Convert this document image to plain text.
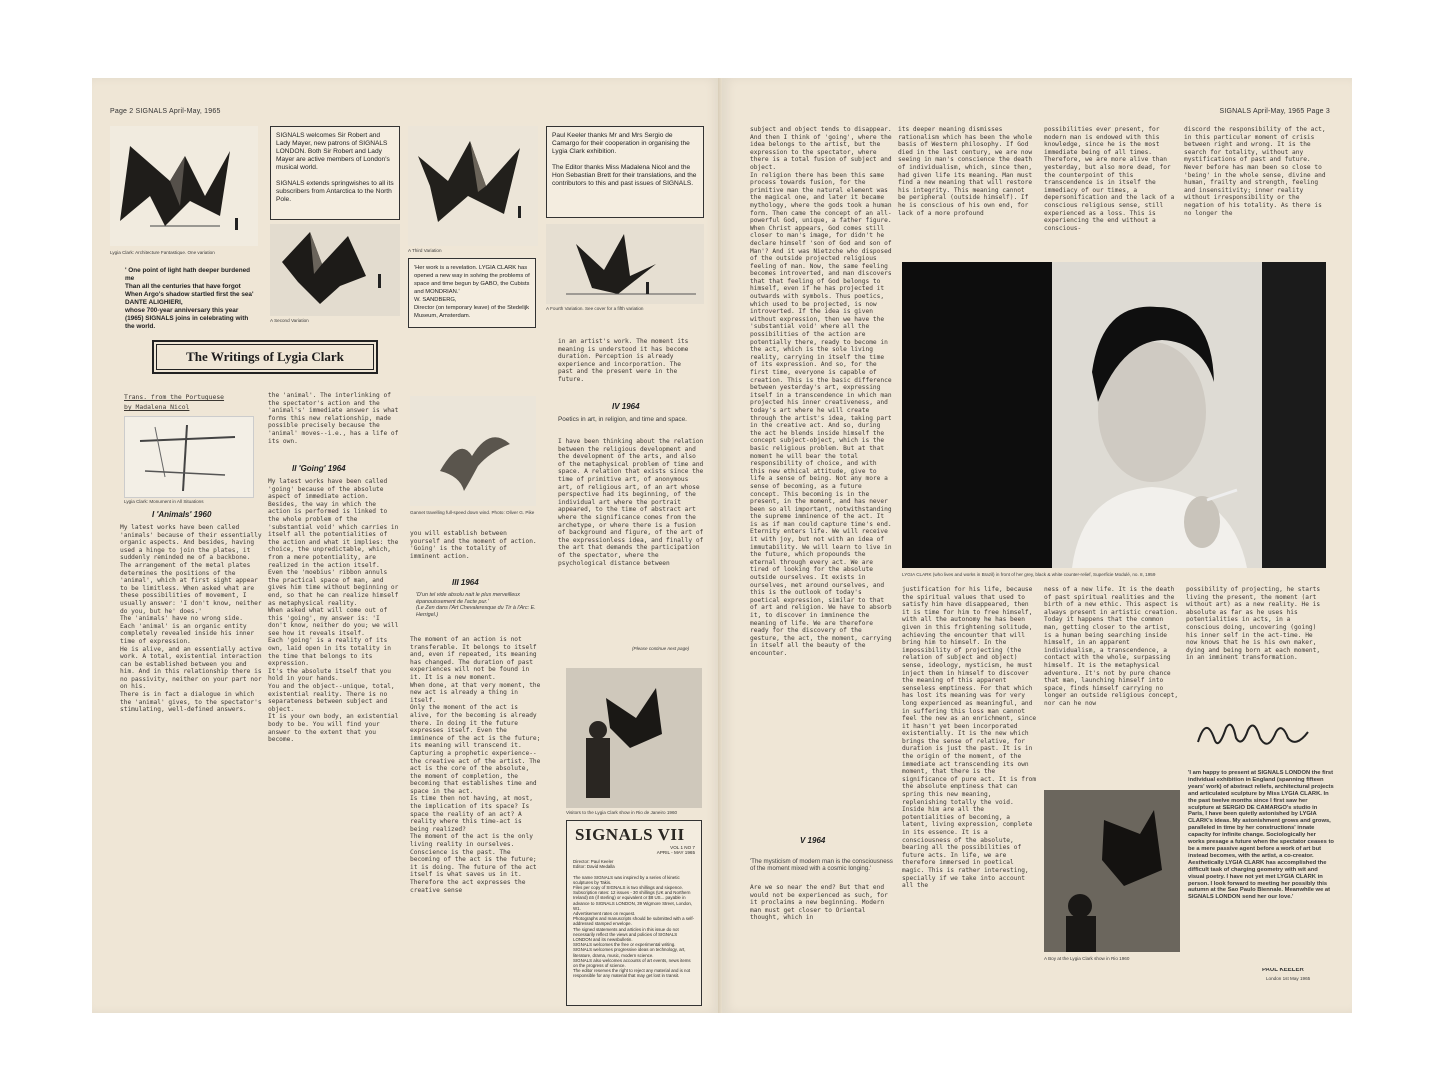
Page 2 SIGNALS April-May, 1965
Lygia Clark: Architecture Fantastique. One variation
SIGNALS welcomes Sir Robert and Lady Mayer, new patrons of SIGNALS LONDON. Both Sir Robert and Lady Mayer are active members of London's musical world.

SIGNALS extends springwishes to all its subscribers from Antarctica to the North Pole.
' One point of light hath deeper burdened me
Than all the centuries that have forgot
When Argo's shadow startled first the sea'
DANTE ALIGHIERI,
whose 700-year anniversary this year (1965) SIGNALS joins in celebrating with the world.
A Second Variation
A Third Variation
'Her work is a revelation. LYGIA CLARK has opened a new way in solving the problems of space and time begun by GABO, the Cubists and MONDRIAN.'
W. SANDBERG,
Director (on temporary leave) of the Stedelijk Museum, Amsterdam.
Paul Keeler thanks Mr and Mrs Sergio de Camargo for their cooperation in organising the Lygia Clark exhibition.

The Editor thanks Miss Madalena Nicol and the Hon Sebastian Brett for their translations, and the contributors to this and past issues of SIGNALS.
A Fourth Variation. See cover for a fifth variation
The Writings of Lygia Clark
Trans. from the Portuguese
by Madalena Nicol
Lygia Clark: Monument in All Situations
I 'Animals' 1960
My latest works have been called 'animals' because of their essentially organic aspects. And besides, having used a hinge to join the plates, it suddenly reminded me of a backbone.
The arrangement of the metal plates determines the positions of the 'animal', which at first sight appear to be limitless. When asked what are these possibilities of movement, I usually answer: 'I don't know, neither do you, but he' does.'
The 'animals' have no wrong side.
Each 'animal' is an organic entity completely revealed inside his inner time of expression.
He is alive, and an essentially active work. A total, existential interaction can be established between you and him. And in this relationship there is no passivity, neither on your part nor on his.
There is in fact a dialogue in which the 'animal' gives, to the spectator's stimulating, well-defined answers.
the 'animal'. The interlinking of the spectator's action and the 'animal's' immediate answer is what forms this new relationship, made possible precisely because the 'animal' moves--i.e., has a life of its own.
II 'Going' 1964
My latest works have been called 'going' because of the absolute aspect of immediate action. Besides, the way in which the action is performed is linked to the whole problem of the 'substantial void' which carries in itself all the potentialities of the action and what it implies: the choice, the unpredictable, which, from a mere potentiality, are realized in the action itself.
Even the 'moebius' ribbon annuls the practical space of man, and gives him time without beginning or end, so that he can realize himself as metaphysical reality.
When asked what will come out of this 'going', my answer is: 'I don't know, neither do you; we will see how it reveals itself.
Each 'going' is a reality of its own, laid open in its totality in the time that belongs to its expression.
It's the absolute itself that you hold in your hands.
You and the object--unique, total, existential reality. There is no separateness between subject and object.
It is your own body, an existential body to be. You will find your answer to the extent that you become.
Gannet travelling full-speed down wind. Photo: Oliver G. Pike
you will establish between yourself and the moment of action.
'Going' is the totality of imminent action.
III 1964
'D'un tel vide absolu nait le plus merveilleux épanouissement de l'acte pur.'
(Le Zen dans l'Art Chevaleresque du Tir à l'Arc: E. Herrigel.)
The moment of an action is not transferable. It belongs to itself and, even if repeated, its meaning has changed. The duration of past experiences will not be found in it. It is a new moment.
When done, at that very moment, the new act is already a thing in itself.
Only the moment of the act is alive, for the becoming is already there. In doing it the future expresses itself. Even the imminence of the act is the future; its meaning will transcend it.
Capturing a prophetic experience--the creative act of the artist. The act is the core of the absolute, the moment of completion, the becoming that establishes time and space in the act.
Is time then not having, at most, the implication of its space? Is space the reality of an act? A reality where this time-act is being realized?
The moment of the act is the only living reality in ourselves. Conscience is the past. The becoming of the act is the future; it is doing. The future of the act itself is what saves us in it. Therefore the act expresses the creative sense
in an artist's work. The moment its meaning is understood it has become duration. Perception is already experience and incorporation. The past and the present were in the future.
IV 1964
Poetics in art, in religion, and time and space.
I have been thinking about the relation between the religious development and the development of the arts, and also of the metaphysical problem of time and space. A relation that exists since the time of primitive art, of anonymous art, of religious art, of an art whose perspective had its beginning, of the individual art where the portrait appeared, to the time of abstract art where the significance comes from the archetype, or where there is a fusion of background and figure, of the art of the expressionless idea, and finally of the art that demands the participation of the spectator, where the psychological distance between
(Please continue next page)
Visitors to the Lygia Clark show in Rio de Janeiro 1960
SIGNALS VII
VOL 1 NO 7
APRIL - MAY 1965
Director: Paul Keeler
Editor: David Medalla

The name SIGNALS was inspired by a series of kinetic sculptures by Takis.
Files per copy of SIGNALS is two shillings and sixpence.
Subscription rates: 12 issues - 30 shillings (UK and Northern Ireland) £6 (if sterling) or equivalent or $8 US... payable in advance to SIGNALS LONDON, 39 Wigmore Street, London, W1.
Advertisement rates on request.
Photographs and manuscripts should be submitted with a self-addressed stamped envelope.
The signed statements and articles in this issue do not necessarily reflect the views and policies of SIGNALS LONDON and its newsbulletin.
SIGNALS welcomes the free or experimental writing.
SIGNALS welcomes progressive ideas on technology, art, literature, drama, music, modern science.
SIGNALS also welcomes accounts of art events, news items on the progress of science.
The editor reserves the right to reject any material and is not responsible for any material that may get lost in transit.
SIGNALS April-May, 1965 Page 3
its deeper meaning dismisses rationalism which has been the whole basis of Western philosophy. If God died in the last century, we are now seeing in man's conscience the death of individualism, which, since then, had given life its meaning. Man must find a new meaning that will restore his integrity. This meaning cannot be peripheral (outside himself). If he is conscious of his own end, for lack of a more profound
possibilities ever present, for modern man is endowed with this knowledge, since he is the most immediate being of all times. Therefore, we are more alive than yesterday, but also more dead, for the counterpoint of this transcendence is in itself the immediacy of our times, a depersonification and the lack of a conscious religious sense, still experienced as a loss. This is experiencing the end without a conscious-
discord the responsibility of the act, in this particular moment of crisis between right and wrong. It is the search for totality, without any mystifications of past and future. Never before has man been so close to 'being' in the whole sense, divine and human, frailty and strength, feeling and insensitivity; inner reality without irresponsibility or the negation of his totality. As there is no longer the
LYGIA CLARK (who lives and works in Brazil) in front of her grey, black & white counter-relief, Superficie Modulé, no. 8, 1959
subject and object tends to disappear. And then I think of 'going', where the idea belongs to the artist, but the expression to the spectator, where there is a total fusion of subject and object.
In religion there has been this same process towards fusion, for the primitive man the natural element was the magical one, and later it became mythology, where the gods took a human form. Then came the concept of an all-powerful God, unique, a father figure. When Christ appears, God comes still closer to man's image, for didn't he declare himself 'son of God and son of Man'? And it was Nietzche who disposed of the outside projected religious feeling of man. Now, the same feeling becomes introverted, and man discovers that that feeling of God belongs to himself, even if he has projected it outwards with symbols. Thus poetics, which used to be projected, is now introverted. If the idea is given without expression, then we have the 'substantial void' where all the possibilities of the action are potentially there, ready to become in the act, which is the sole living reality, carrying in itself the time of its expression. And so, for the first time, everyone is capable of creation. This is the basic difference between yesterday's art, expressing itself in a transcendence in which man projected his inner creativeness, and today's art where he will create through the artist's idea, taking part in the creative act. And so, during the act he blends inside himself the concept subject-object, which is the basic religious problem. But at that moment he will bear the total responsibility of choice, and with this new ethical attitude, give to life a sense of being. Not any more a sense of becoming, as a future concept. This becoming is in the present, in the moment, and has never been so all important, notwithstanding the supreme imminence of the act. It is as if man could capture time's end. Eternity enters life. We will receive it with joy, but not with an idea of immutability. We will learn to live in the future, which propounds the eternal through every act. We are tired of looking for the absolute outside ourselves. It exists in ourselves, met around ourselves, and this is the outlook of today's poetical expression, similar to that of art and religion. We have to absorb it, to discover in imminence the meaning of life. We are therefore ready for the discovery of the gesture, the act, the moment, carrying in itself all the beauty of the encounter.
V 1964
'The mysticism of modern man is the consciousness of the moment mixed with a cosmic longing.'
Are we so near the end? But that end would not be experienced as such, for it proclaims a new beginning. Modern man must get closer to Oriental thought, which in
justification for his life, because the spiritual values that used to satisfy him have disappeared, then it is time for him to free himself, with all the autonomy he has been given in this frightening solitude, achieving the encounter that will bring him to himself. In the impossibility of projecting (the relation of subject and object) sense, ideology, mysticism, he must inject them in himself to discover the meaning of this apparent senseless emptiness. For that which has lost its meaning was for very long experienced as meaningful, and in suffering this loss man cannot feel the new as an enrichment, since it hasn't yet been incorporated existentially. It is the new which brings the sense of relative, for duration is just the past. It is in the origin of the moment, of the immediate act transcending its own moment, that there is the significance of pure act. It is from the absolute emptiness that can spring this new meaning, replenishing totally the void. Inside him are all the potentialities of becoming, a latent, living expression, complete in its essence. It is a consciousness of the absolute, bearing all the possibilities of future acts. In life, we are therefore immersed in poetical magic. This is rather interesting, specially if we take into account all the
ness of a new life. It is the death of past spiritual realities and the birth of a new ethic. This aspect is always present in artistic creation. Today it happens that the common man, getting closer to the artist, is a human being searching inside himself, in an apparent individualism, a transcendence, a contact with the whole, surpassing himself. It is the metaphysical adventure. It's not by pure chance that man, launching himself into space, finds himself carrying no longer an outside religious concept, nor can he now
possibility of projecting, he starts living the present, the moment (art without art) as a new reality. He is absolute as far as he uses his potentialities in acts, in a conscious doing, uncovering (going) his inner self in the act-time. He now knows that he is his own maker, dying and being born at each moment, in an imminent transformation.
A Boy at the Lygia Clark show in Rio 1960
'I am happy to present at SIGNALS LONDON the first individual exhibition in England (spanning fifteen years' work) of abstract reliefs, architectural projects and articulated sculpture by Miss LYGIA CLARK. In the past twelve months since I first saw her sculpture at SERGIO DE CAMARGO's studio in Paris, I have been quietly astonished by LYGIA CLARK's ideas. My astonishment grows and grows, paralleled in time by her constructions' innate capacity for infinite change. Sociologically her works presage a future when the spectator ceases to be a mere passive agent before a work of art but instead becomes, with the artist, a co-creator. Aesthetically LYGIA CLARK has accomplished the difficult task of charging geometry with wit and visual poetry. I have not yet met LYGIA CLARK in person. I look forward to meeting her possibly this autumn at the Sao Paulo Biennale. Meanwhile we at SIGNALS LONDON send her our love.'
PAUL KEELER
London 1st May 1965
